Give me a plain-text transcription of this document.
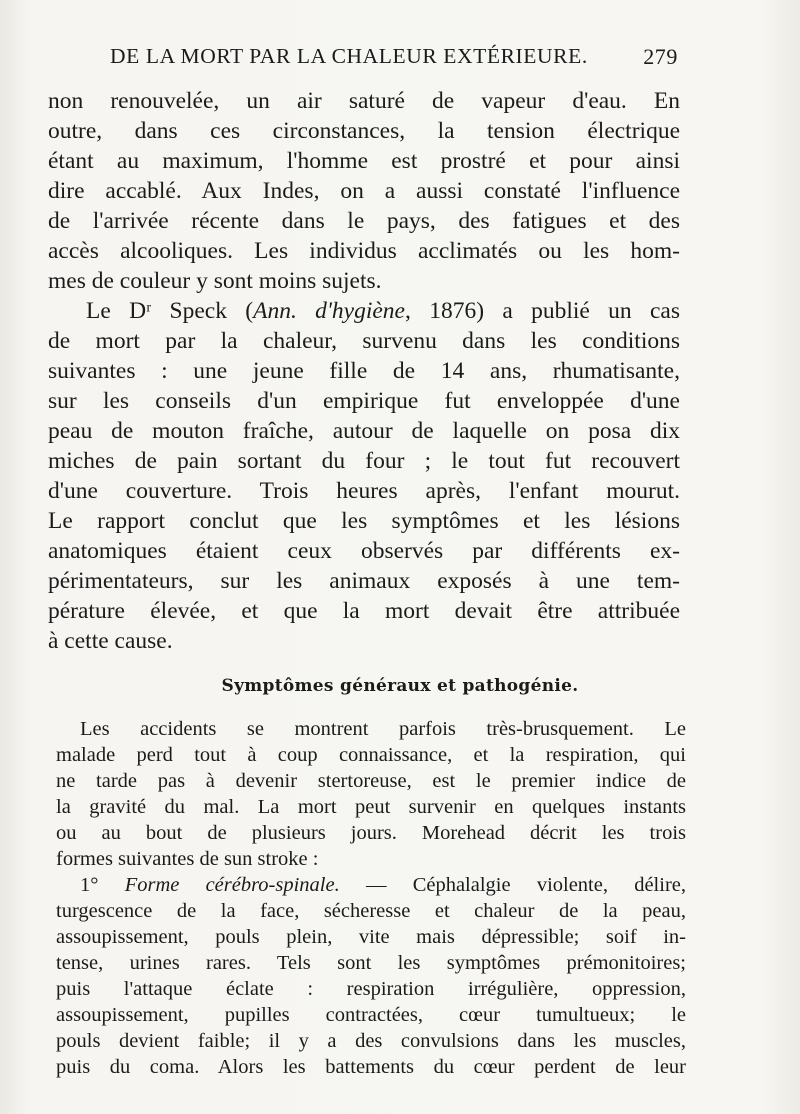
DE LA MORT PAR LA CHALEUR EXTÉRIEURE.	279
non renouvelée, un air saturé de vapeur d'eau. En
outre, dans ces circonstances, la tension électrique
étant au maximum, l'homme est prostré et pour ainsi
dire accablé. Aux Indes, on a aussi constaté l'influence
de l'arrivée récente dans le pays, des fatigues et des
accès alcooliques. Les individus acclimatés ou les hom-
mes de couleur y sont moins sujets.
Le Dʳ Speck (Ann. d'hygiène, 1876) a publié un cas
de mort par la chaleur, survenu dans les conditions
suivantes : une jeune fille de 14 ans, rhumatisante,
sur les conseils d'un empirique fut enveloppée d'une
peau de mouton fraîche, autour de laquelle on posa dix
miches de pain sortant du four ; le tout fut recouvert
d'une couverture. Trois heures après, l'enfant mourut.
Le rapport conclut que les symptômes et les lésions
anatomiques étaient ceux observés par différents ex-
périmentateurs, sur les animaux exposés à une tem-
pérature élevée, et que la mort devait être attribuée
à cette cause.
Symptômes généraux et pathogénie.
Les accidents se montrent parfois très-brusquement. Le
malade perd tout à coup connaissance, et la respiration, qui
ne tarde pas à devenir stertoreuse, est le premier indice de
la gravité du mal. La mort peut survenir en quelques instants
ou au bout de plusieurs jours. Morehead décrit les trois
formes suivantes de sun stroke :
1° Forme cérébro-spinale. — Céphalalgie violente, délire,
turgescence de la face, sécheresse et chaleur de la peau,
assoupissement, pouls plein, vite mais dépressible; soif in-
tense, urines rares. Tels sont les symptômes prémonitoires;
puis l'attaque éclate : respiration irrégulière, oppression,
assoupissement, pupilles contractées, cœur tumultueux; le
pouls devient faible; il y a des convulsions dans les muscles,
puis du coma. Alors les battements du cœur perdent de leur
